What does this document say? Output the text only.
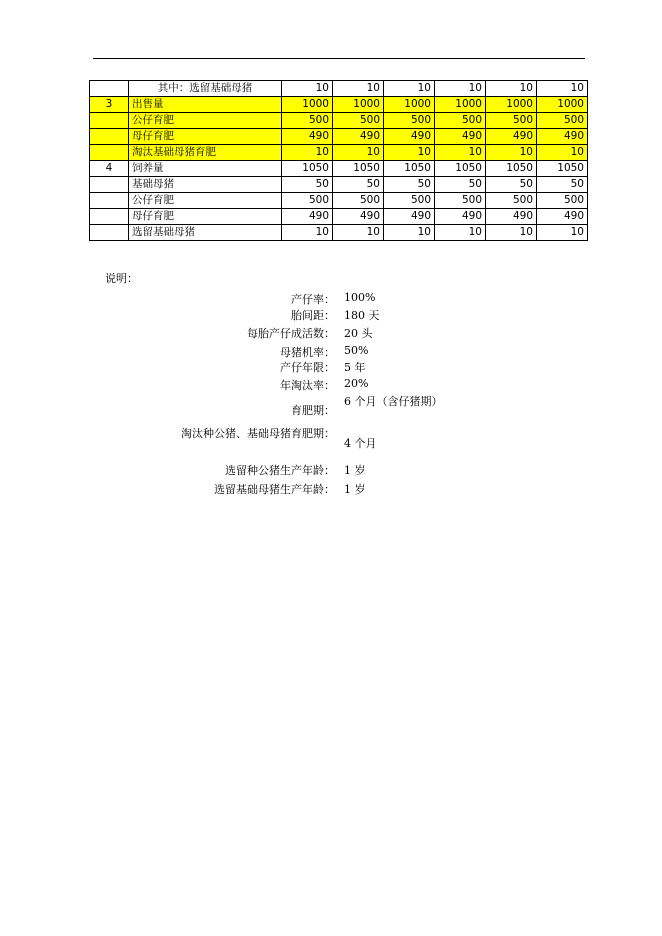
	其中：选留基础母猪	10	10	10	10	10	10
3	出售量	1000	1000	1000	1000	1000	1000
	公仔育肥	500	500	500	500	500	500
	母仔育肥	490	490	490	490	490	490
	淘汰基础母猪育肥	10	10	10	10	10	10
4	饲养量	1050	1050	1050	1050	1050	1050
	基础母猪	50	50	50	50	50	50
	公仔育肥	500	500	500	500	500	500
	母仔育肥	490	490	490	490	490	490
	选留基础母猪	10	10	10	10	10	10
说明：
产仔率： 100%
胎间距： 180 天
每胎产仔成活数： 20 头
母猪机率： 50%
产仔年限： 5 年
年淘汰率： 20%
育肥期：
6 个月（含仔猪期）
淘汰种公猪、基础母猪育肥期：
4 个月
选留种公猪生产年龄： 1 岁
选留基础母猪生产年龄： 1 岁
